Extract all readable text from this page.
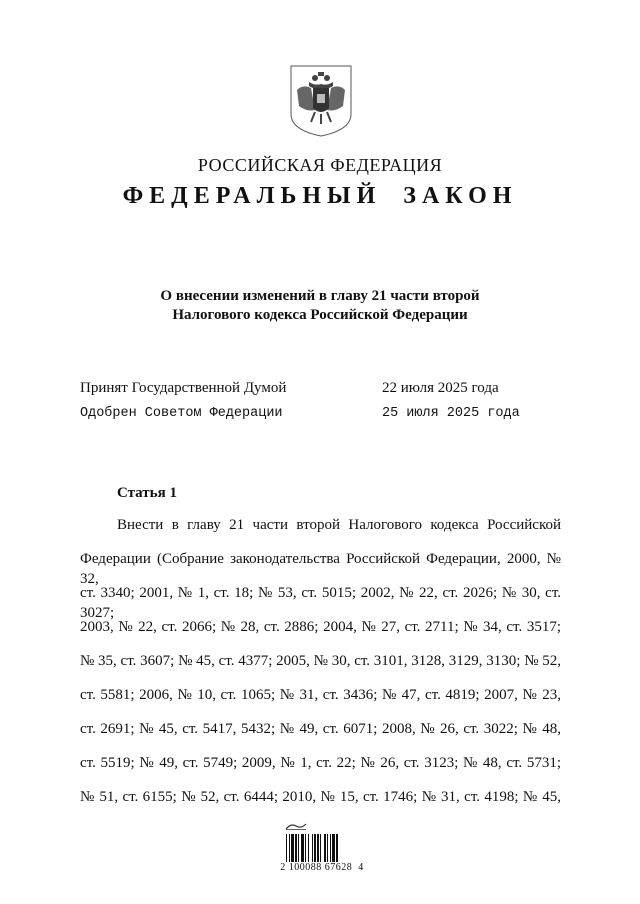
РОССИЙСКАЯ ФЕДЕРАЦИЯ
ФЕДЕРАЛЬНЫЙ ЗАКОН
О внесении изменений в главу 21 части второй
Налогового кодекса Российской Федерации
Принят Государственной Думой	22 июля 2025 года
Одобрен Советом Федерации	25 июля 2025 года
Статья 1
Внести в главу 21 части второй Налогового кодекса Российской
Федерации (Собрание законодательства Российской Федерации, 2000, № 32,
ст. 3340; 2001, № 1, ст. 18; № 53, ст. 5015; 2002, № 22, ст. 2026; № 30, ст. 3027;
2003, № 22, ст. 2066; № 28, ст. 2886; 2004, № 27, ст. 2711; № 34, ст. 3517;
№ 35, ст. 3607; № 45, ст. 4377; 2005, № 30, ст. 3101, 3128, 3129, 3130; № 52,
ст. 5581; 2006, № 10, ст. 1065; № 31, ст. 3436; № 47, ст. 4819; 2007, № 23,
ст. 2691; № 45, ст. 5417, 5432; № 49, ст. 6071; 2008, № 26, ст. 3022; № 48,
ст. 5519; № 49, ст. 5749; 2009, № 1, ст. 22; № 26, ст. 3123; № 48, ст. 5731;
№ 51, ст. 6155; № 52, ст. 6444; 2010, № 15, ст. 1746; № 31, ст. 4198; № 45,
2 100088 67628  4
